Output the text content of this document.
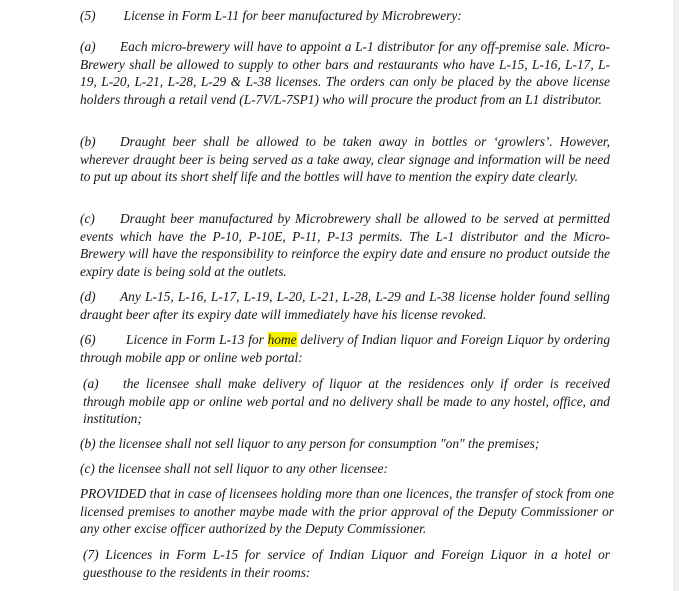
(5) License in Form L-11 for beer manufactured by Microbrewery:

(a) Each micro-brewery will have to appoint a L-1 distributor for any off-premise sale. Micro-Brewery shall be allowed to supply to other bars and restaurants who have L-15, L-16, L-17, L-19, L-20, L-21, L-28, L-29 & L-38 licenses. The orders can only be placed by the above license holders through a retail vend (L-7V/L-7SP1) who will procure the product from an L1 distributor.

(b) Draught beer shall be allowed to be taken away in bottles or ‘growlers’. However, wherever draught beer is being served as a take away, clear signage and information will be need to put up about its short shelf life and the bottles will have to mention the expiry date clearly.

(c) Draught beer manufactured by Microbrewery shall be allowed to be served at permitted events which have the P-10, P-10E, P-11, P-13 permits. The L-1 distributor and the Micro-Brewery will have the responsibility to reinforce the expiry date and ensure no product outside the expiry date is being sold at the outlets.

(d) Any L-15, L-16, L-17, L-19, L-20, L-21, L-28, L-29 and L-38 license holder found selling draught beer after its expiry date will immediately have his license revoked.

(6) Licence in Form L-13 for home delivery of Indian liquor and Foreign Liquor by ordering through mobile app or online web portal:

(a) the licensee shall make delivery of liquor at the residences only if order is received through mobile app or online web portal and no delivery shall be made to any hostel, office, and institution;

(b) the licensee shall not sell liquor to any person for consumption "on" the premises;

(c) the licensee shall not sell liquor to any other licensee:

PROVIDED that in case of licensees holding more than one licences, the transfer of stock from one licensed premises to another maybe made with the prior approval of the Deputy Commissioner or any other excise officer authorized by the Deputy Commissioner.

(7) Licences in Form L-15 for service of Indian Liquor and Foreign Liquor in a hotel or guesthouse to the residents in their rooms:
